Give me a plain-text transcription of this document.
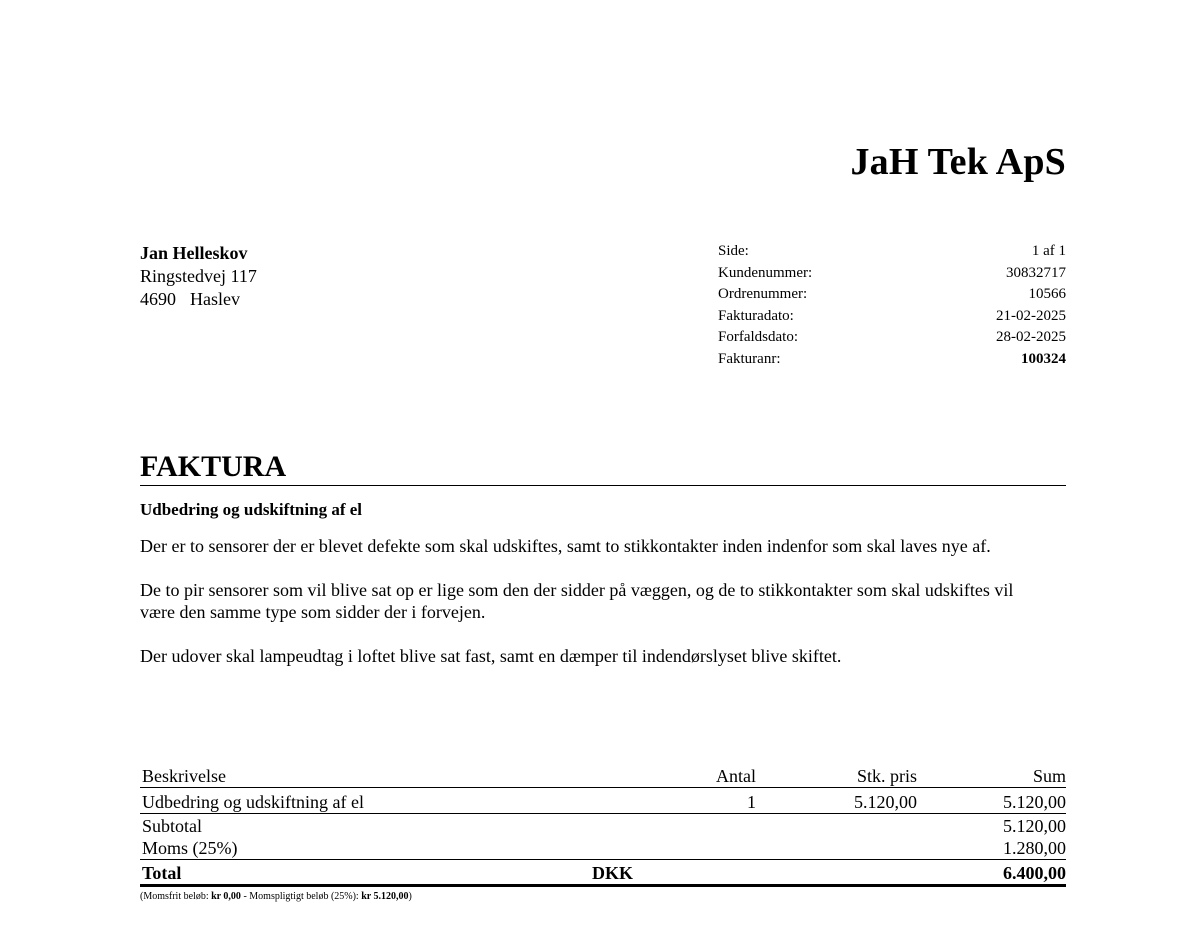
JaH Tek ApS
Jan Helleskov
Ringstedvej 117
4690 Haslev
Side:	1 af 1
Kundenummer:	30832717
Ordrenummer:	10566
Fakturadato:	21-02-2025
Forfaldsdato:	28-02-2025
Fakturanr:	100324
FAKTURA
Udbedring og udskiftning af el

Der er to sensorer der er blevet defekte som skal udskiftes, samt to stikkontakter inden indenfor som skal laves nye af.

De to pir sensorer som vil blive sat op er lige som den der sidder på væggen, og de to stikkontakter som skal udskiftes vil være den samme type som sidder der i forvejen.

Der udover skal lampeudtag i loftet blive sat fast, samt en dæmper til indendørslyset blive skiftet.

Beskrivelse	Antal	Stk. pris	Sum
Udbedring og udskiftning af el	1	5.120,00	5.120,00
Subtotal	5.120,00
Moms (25%)	1.280,00
Total	DKK	6.400,00
(Momsfrit beløb: kr 0,00 - Momspligtigt beløb (25%): kr 5.120,00)
